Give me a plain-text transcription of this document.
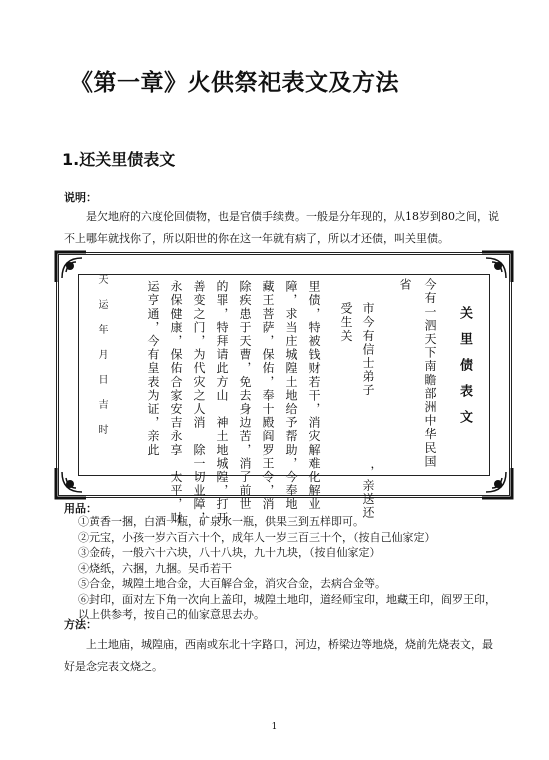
《第一章》火供祭祀表文及方法
1.还关里债表文
说明：
是欠地府的六度伦回债物，也是官债手续费。一般是分年现的，从18岁到80之间，说
不上哪年就找你了，所以阳世的你在这一年就有病了，所以才还债，叫关里债。
关里债表文
今有一泗天下南瞻部洲中华民国
省
市今有信士弟子　　　　　，亲送还
受生关
里债，特被钱财若干，消灾解难化解业
障，求当庄城隍土地给予帮助，今奉地
藏王菩萨，保佑，奉十殿阎罗王令，消
除疾患于天曹，免去身边苦，消了前世
的罪，特拜请此方山　神土地城隍，打开
善变之门，为代灾之人消　除一切业障，
永保健康，保佑合家安吉永享　太平，财
运亨通，今有皇表为证，亲此
天运年月日吉时
用品：
①黄香一捆，白酒一瓶，矿泉水一瓶，供果三到五样即可。
②元宝，小孩一岁六百六十个，成年人一岁三百三十个，（按自己仙家定）
③金砖，一般六十六块，八十八块，九十九块，（按自仙家定）
④烧纸，六捆，九捆。吴币若干
⑤合金，城隍土地合金，大百解合金，消灾合金，去病合金等。
⑥封印，面对左下角一次向上盖印，城隍土地印，道经师宝印，地藏王印，阎罗王印，
以上供参考，按自己的仙家意思去办。
方法：
上土地庙，城隍庙，西南或东北十字路口，河边，桥梁边等地烧，烧前先烧表文，最
好是念完表文烧之。
1
